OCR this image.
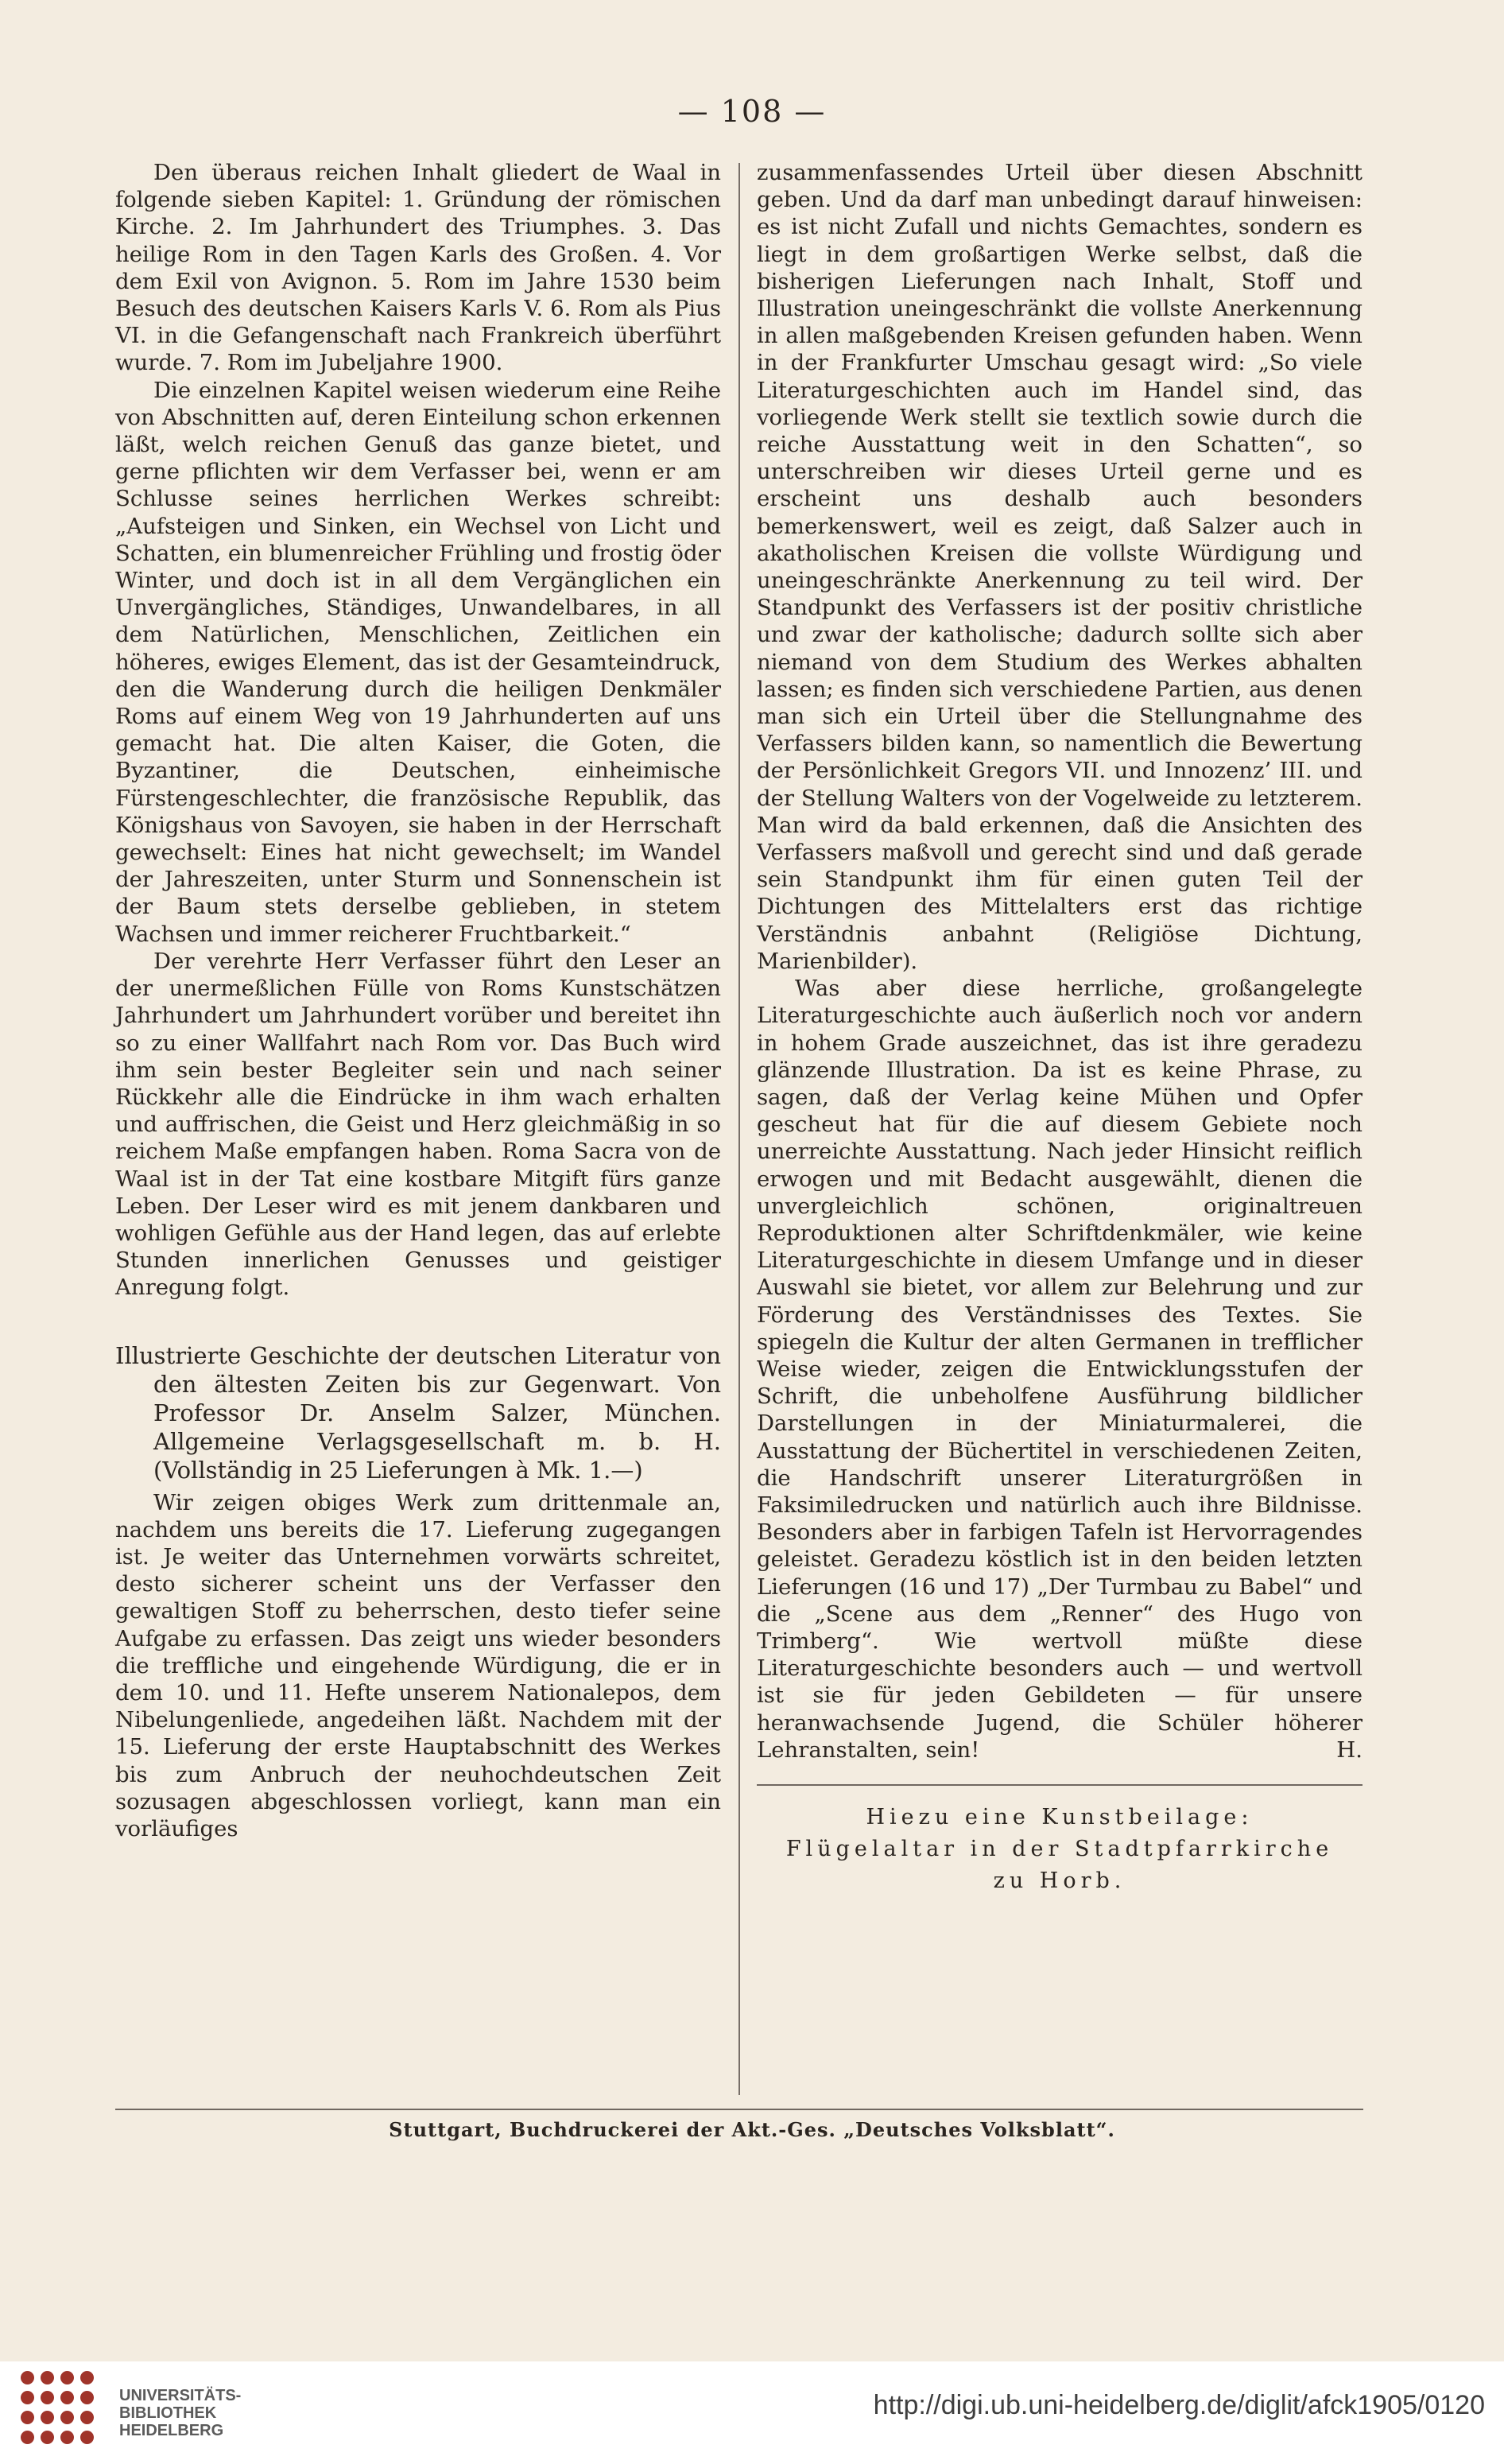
— 108 —

Den überaus reichen Inhalt gliedert de Waal in folgende sieben Kapitel: 1. Gründung der römischen Kirche. 2. Im Jahrhundert des Triumphes. 3. Das heilige Rom in den Tagen Karls des Großen. 4. Vor dem Exil von Avignon. 5. Rom im Jahre 1530 beim Besuch des deutschen Kaisers Karls V. 6. Rom als Pius VI. in die Gefangenschaft nach Frankreich überführt wurde. 7. Rom im Jubeljahre 1900.

Die einzelnen Kapitel weisen wiederum eine Reihe von Abschnitten auf, deren Einteilung schon erkennen läßt, welch reichen Genuß das ganze bietet, und gerne pflichten wir dem Verfasser bei, wenn er am Schlusse seines herrlichen Werkes schreibt: „Aufsteigen und Sinken, ein Wechsel von Licht und Schatten, ein blumenreicher Frühling und frostig öder Winter, und doch ist in all dem Vergänglichen ein Unvergängliches, Ständiges, Unwandelbares, in all dem Natürlichen, Menschlichen, Zeitlichen ein höheres, ewiges Element, das ist der Gesamteindruck, den die Wanderung durch die heiligen Denkmäler Roms auf einem Weg von 19 Jahrhunderten auf uns gemacht hat. Die alten Kaiser, die Goten, die Byzantiner, die Deutschen, einheimische Fürstengeschlechter, die französische Republik, das Königshaus von Savoyen, sie haben in der Herrschaft gewechselt: Eines hat nicht gewechselt; im Wandel der Jahreszeiten, unter Sturm und Sonnenschein ist der Baum stets derselbe geblieben, in stetem Wachsen und immer reicherer Fruchtbarkeit.“

Der verehrte Herr Verfasser führt den Leser an der unermeßlichen Fülle von Roms Kunstschätzen Jahrhundert um Jahrhundert vorüber und bereitet ihn so zu einer Wallfahrt nach Rom vor. Das Buch wird ihm sein bester Begleiter sein und nach seiner Rückkehr alle die Eindrücke in ihm wach erhalten und auffrischen, die Geist und Herz gleichmäßig in so reichem Maße empfangen haben. Roma Sacra von de Waal ist in der Tat eine kostbare Mitgift fürs ganze Leben. Der Leser wird es mit jenem dankbaren und wohligen Gefühle aus der Hand legen, das auf erlebte Stunden innerlichen Genusses und geistiger Anregung folgt.

Illustrierte Geschichte der deutschen Literatur von den ältesten Zeiten bis zur Gegenwart. Von Professor Dr. Anselm Salzer, München. Allgemeine Verlagsgesellschaft m. b. H. (Vollständig in 25 Lieferungen à Mk. 1.—)

Wir zeigen obiges Werk zum drittenmale an, nachdem uns bereits die 17. Lieferung zugegangen ist. Je weiter das Unternehmen vorwärts schreitet, desto sicherer scheint uns der Verfasser den gewaltigen Stoff zu beherrschen, desto tiefer seine Aufgabe zu erfassen. Das zeigt uns wieder besonders die treffliche und eingehende Würdigung, die er in dem 10. und 11. Hefte unserem Nationalepos, dem Nibelungenliede, angedeihen läßt. Nachdem mit der 15. Lieferung der erste Hauptabschnitt des Werkes bis zum Anbruch der neuhochdeutschen Zeit sozusagen abgeschlossen vorliegt, kann man ein vorläufiges

zusammenfassendes Urteil über diesen Abschnitt geben. Und da darf man unbedingt darauf hinweisen: es ist nicht Zufall und nichts Gemachtes, sondern es liegt in dem großartigen Werke selbst, daß die bisherigen Lieferungen nach Inhalt, Stoff und Illustration uneingeschränkt die vollste Anerkennung in allen maßgebenden Kreisen gefunden haben. Wenn in der Frankfurter Umschau gesagt wird: „So viele Literaturgeschichten auch im Handel sind, das vorliegende Werk stellt sie textlich sowie durch die reiche Ausstattung weit in den Schatten“, so unterschreiben wir dieses Urteil gerne und es erscheint uns deshalb auch besonders bemerkenswert, weil es zeigt, daß Salzer auch in akatholischen Kreisen die vollste Würdigung und uneingeschränkte Anerkennung zu teil wird. Der Standpunkt des Verfassers ist der positiv christliche und zwar der katholische; dadurch sollte sich aber niemand von dem Studium des Werkes abhalten lassen; es finden sich verschiedene Partien, aus denen man sich ein Urteil über die Stellungnahme des Verfassers bilden kann, so namentlich die Bewertung der Persönlichkeit Gregors VII. und Innozenz’ III. und der Stellung Walters von der Vogelweide zu letzterem. Man wird da bald erkennen, daß die Ansichten des Verfassers maßvoll und gerecht sind und daß gerade sein Standpunkt ihm für einen guten Teil der Dichtungen des Mittelalters erst das richtige Verständnis anbahnt (Religiöse Dichtung, Marienbilder).

Was aber diese herrliche, großangelegte Literaturgeschichte auch äußerlich noch vor andern in hohem Grade auszeichnet, das ist ihre geradezu glänzende Illustration. Da ist es keine Phrase, zu sagen, daß der Verlag keine Mühen und Opfer gescheut hat für die auf diesem Gebiete noch unerreichte Ausstattung. Nach jeder Hinsicht reiflich erwogen und mit Bedacht ausgewählt, dienen die unvergleichlich schönen, originaltreuen Reproduktionen alter Schriftdenkmäler, wie keine Literaturgeschichte in diesem Umfange und in dieser Auswahl sie bietet, vor allem zur Belehrung und zur Förderung des Verständnisses des Textes. Sie spiegeln die Kultur der alten Germanen in trefflicher Weise wieder, zeigen die Entwicklungsstufen der Schrift, die unbeholfene Ausführung bildlicher Darstellungen in der Miniaturmalerei, die Ausstattung der Büchertitel in verschiedenen Zeiten, die Handschrift unserer Literaturgrößen in Faksimiledrucken und natürlich auch ihre Bildnisse. Besonders aber in farbigen Tafeln ist Hervorragendes geleistet. Geradezu köstlich ist in den beiden letzten Lieferungen (16 und 17) „Der Turmbau zu Babel“ und die „Scene aus dem „Renner“ des Hugo von Trimberg“. Wie wertvoll müßte diese Literaturgeschichte besonders auch — und wertvoll ist sie für jeden Gebildeten — für unsere heranwachsende Jugend, die Schüler höherer Lehranstalten, sein!	H.

Hiezu eine Kunstbeilage:
Flügelaltar in der Stadtpfarrkirche
zu Horb.
Stuttgart, Buchdruckerei der Akt.-Ges. „Deutsches Volksblatt“.
UNIVERSITÄTS-
BIBLIOTHEK
HEIDELBERG
http://digi.ub.uni-heidelberg.de/diglit/afck1905/0120
